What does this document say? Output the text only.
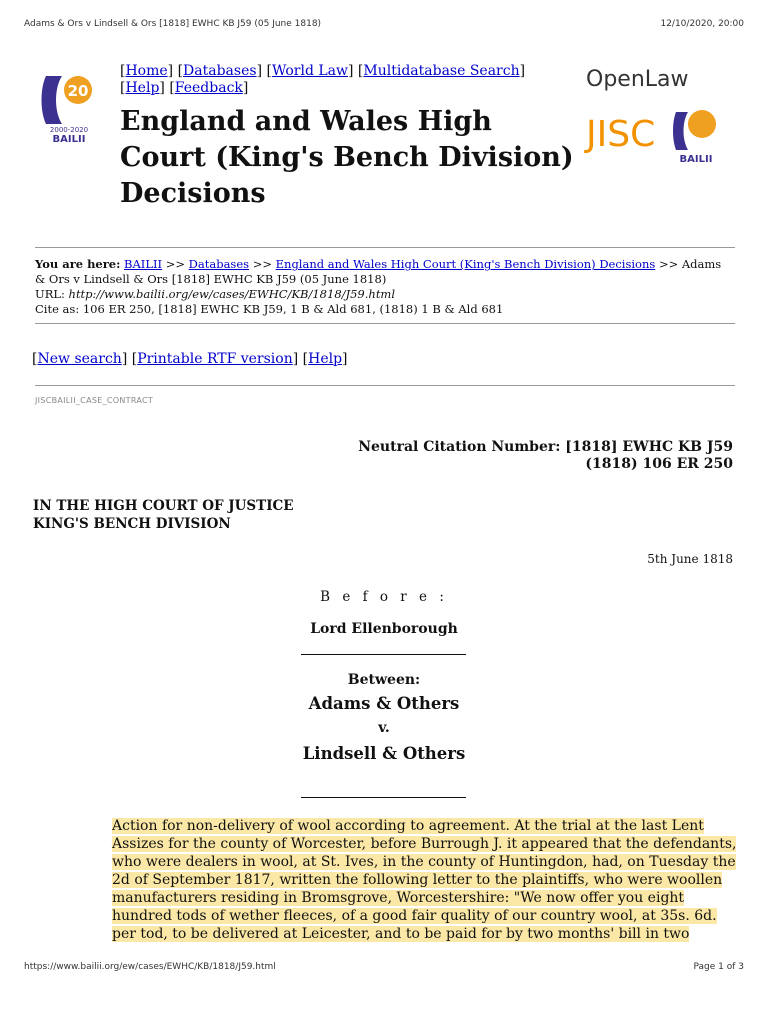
Adams & Ors v Lindsell & Ors [1818] EWHC KB J59 (05 June 1818)	12/10/2020, 20:00
20
2000-2020
BAILII
[Home] [Databases] [World Law] [Multidatabase Search] [Help] [Feedback]	OpenLaw
JISC
BAILII
England and Wales High Court (King's Bench Division) Decisions
You are here: BAILII >> Databases >> England and Wales High Court (King's Bench Division) Decisions >> Adams & Ors v Lindsell & Ors [1818] EWHC KB J59 (05 June 1818)
URL: http://www.bailii.org/ew/cases/EWHC/KB/1818/J59.html
Cite as: 106 ER 250, [1818] EWHC KB J59, 1 B & Ald 681, (1818) 1 B & Ald 681
[New search] [Printable RTF version] [Help]
JISCBAILII_CASE_CONTRACT
Neutral Citation Number: [1818] EWHC KB J59
(1818) 106 ER 250
IN THE HIGH COURT OF JUSTICE
KING'S BENCH DIVISION
5th June 1818
B e f o r e :
Lord Ellenborough
Between:
Adams & Others
v.
Lindsell & Others
Action for non-delivery of wool according to agreement. At the trial at the last Lent
Assizes for the county of Worcester, before Burrough J. it appeared that the defendants,
who were dealers in wool, at St. Ives, in the county of Huntingdon, had, on Tuesday the
2d of September 1817, written the following letter to the plaintiffs, who were woollen
manufacturers residing in Bromsgrove, Worcestershire: "We now offer you eight
hundred tods of wether fleeces, of a good fair quality of our country wool, at 35s. 6d.
per tod, to be delivered at Leicester, and to be paid for by two months' bill in two
https://www.bailii.org/ew/cases/EWHC/KB/1818/J59.html	Page 1 of 3
